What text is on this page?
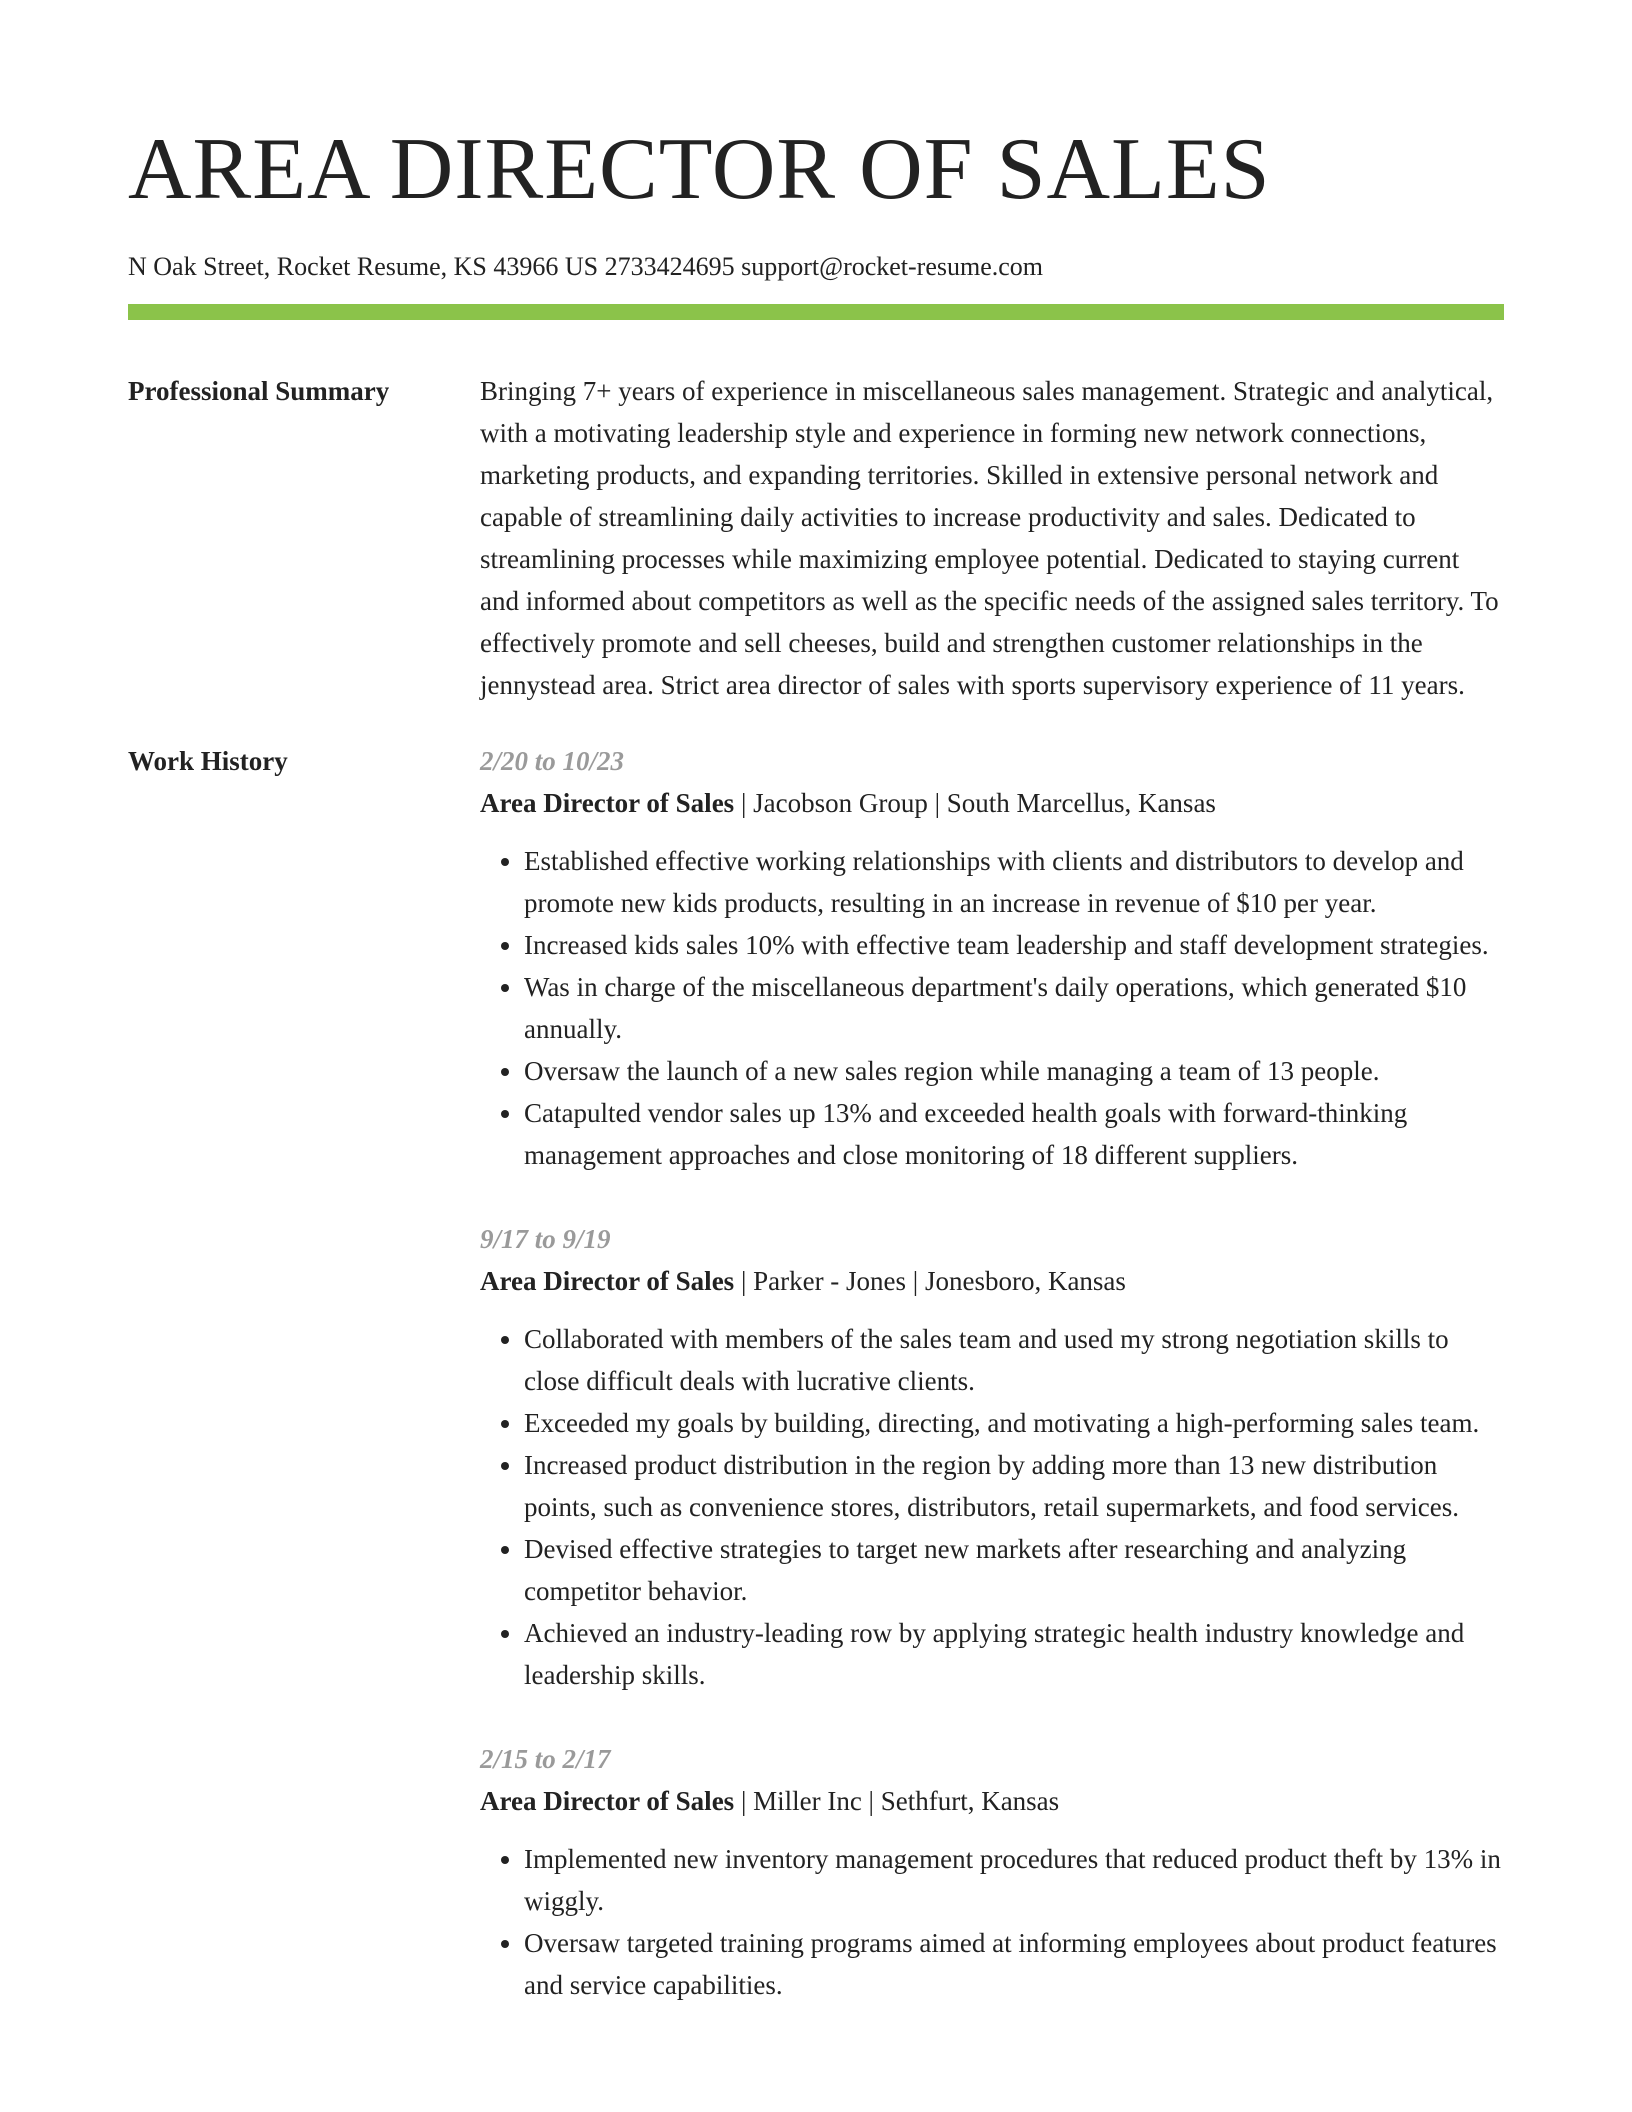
AREA DIRECTOR OF SALES
N Oak Street, Rocket Resume, KS 43966 US 2733424695 support@rocket-resume.com
Professional Summary	Bringing 7+ years of experience in miscellaneous sales management. Strategic and analytical, with a motivating leadership style and experience in forming new network connections, marketing products, and expanding territories. Skilled in extensive personal network and capable of streamlining daily activities to increase productivity and sales. Dedicated to streamlining processes while maximizing employee potential. Dedicated to staying current and informed about competitors as well as the specific needs of the assigned sales territory. To effectively promote and sell cheeses, build and strengthen customer relationships in the jennystead area. Strict area director of sales with sports supervisory experience of 11 years.

Work History	2/20 to 10/23

Area Director of Sales | Jacobson Group | South Marcellus, Kansas

• Established effective working relationships with clients and distributors to develop and promote new kids products, resulting in an increase in revenue of $10 per year.
• Increased kids sales 10% with effective team leadership and staff development strategies.
• Was in charge of the miscellaneous department's daily operations, which generated $10 annually.
• Oversaw the launch of a new sales region while managing a team of 13 people.
• Catapulted vendor sales up 13% and exceeded health goals with forward-thinking management approaches and close monitoring of 18 different suppliers.

9/17 to 9/19

Area Director of Sales | Parker - Jones | Jonesboro, Kansas

• Collaborated with members of the sales team and used my strong negotiation skills to close difficult deals with lucrative clients.
• Exceeded my goals by building, directing, and motivating a high-performing sales team.
• Increased product distribution in the region by adding more than 13 new distribution points, such as convenience stores, distributors, retail supermarkets, and food services.
• Devised effective strategies to target new markets after researching and analyzing competitor behavior.
• Achieved an industry-leading row by applying strategic health industry knowledge and leadership skills.

2/15 to 2/17

Area Director of Sales | Miller Inc | Sethfurt, Kansas

• Implemented new inventory management procedures that reduced product theft by 13% in wiggly.
• Oversaw targeted training programs aimed at informing employees about product features and service capabilities.
